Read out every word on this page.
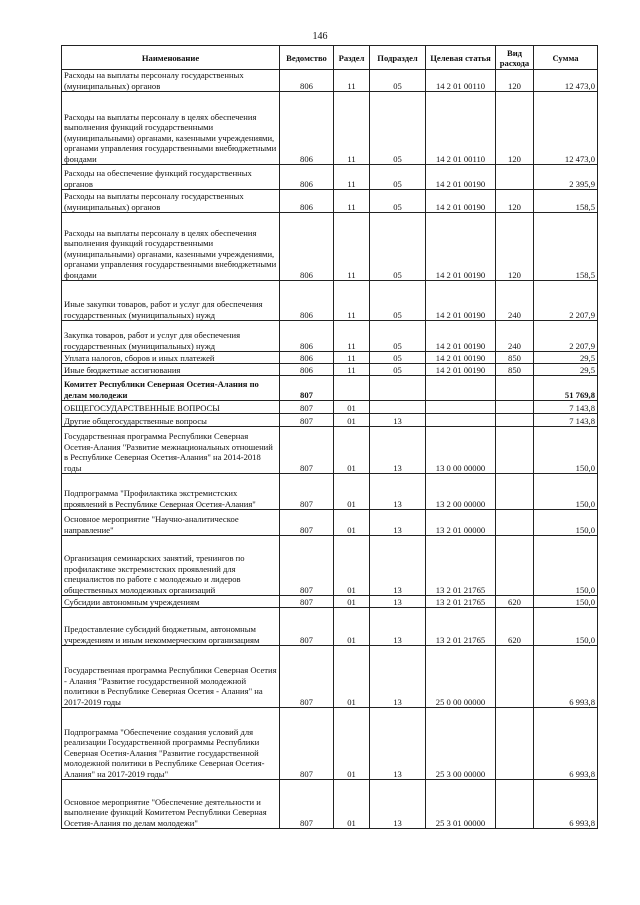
146
Наименование	Ведомство	Раздел	Подраздел	Целевая статья	Вид расхода	Сумма
Расходы на выплаты персоналу государственных (муниципальных) органов	806	11	05	14 2 01 00110	120	12 473,0
Расходы на выплаты персоналу в целях обеспечения выполнения функций государственными (муниципальными) органами, казенными учреждениями, органами управления государственными внебюджетными фондами	806	11	05	14 2 01 00110	120	12 473,0
Расходы на обеспечение функций государственных органов	806	11	05	14 2 01 00190		2 395,9
Расходы на выплаты персоналу государственных (муниципальных) органов	806	11	05	14 2 01 00190	120	158,5
Расходы на выплаты персоналу в целях обеспечения выполнения функций государственными (муниципальными) органами, казенными учреждениями, органами управления государственными внебюджетными фондами	806	11	05	14 2 01 00190	120	158,5
Иные закупки товаров, работ и услуг для обеспечения государственных (муниципальных) нужд	806	11	05	14 2 01 00190	240	2 207,9
Закупка товаров, работ и услуг для обеспечения государственных (муниципальных) нужд	806	11	05	14 2 01 00190	240	2 207,9
Уплата налогов, сборов и иных платежей	806	11	05	14 2 01 00190	850	29,5
Иные бюджетные ассигнования	806	11	05	14 2 01 00190	850	29,5
Комитет Республики Северная Осетия-Алания по делам молодежи	807					51 769,8
ОБЩЕГОСУДАРСТВЕННЫЕ ВОПРОСЫ	807	01				7 143,8
Другие общегосударственные вопросы	807	01	13			7 143,8
Государственная программа Республики Северная Осетия-Алания "Развитие межнациональных отношений в Республике Северная Осетия-Алания" на 2014-2018 годы	807	01	13	13 0 00 00000		150,0
Подпрограмма "Профилактика экстремистских проявлений в Республике Северная Осетия-Алания"	807	01	13	13 2 00 00000		150,0
Основное мероприятие "Научно-аналитическое направление"	807	01	13	13 2 01 00000		150,0
Организация семинарских занятий, тренингов по профилактике экстремистских проявлений для специалистов по работе с молодежью и лидеров общественных молодежных организаций	807	01	13	13 2 01 21765		150,0
Субсидии автономным учреждениям	807	01	13	13 2 01 21765	620	150,0
Предоставление субсидий бюджетным, автономным учреждениям и иным некоммерческим организациям	807	01	13	13 2 01 21765	620	150,0
Государственная программа Республики Северная Осетия - Алания "Развитие государственной молодежной политики в Республике Северная Осетия - Алания" на 2017-2019 годы	807	01	13	25 0 00 00000		6 993,8
Подпрограмма "Обеспечение создания условий для реализации Государственной программы Республики Северная Осетия-Алания "Развитие государственной молодежной политики в Республике Северная Осетия-Алания" на 2017-2019 годы"	807	01	13	25 3 00 00000		6 993,8
Основное мероприятие "Обеспечение деятельности и выполнение функций Комитетом Республики Северная Осетия-Алания по делам молодежи"	807	01	13	25 3 01 00000		6 993,8
